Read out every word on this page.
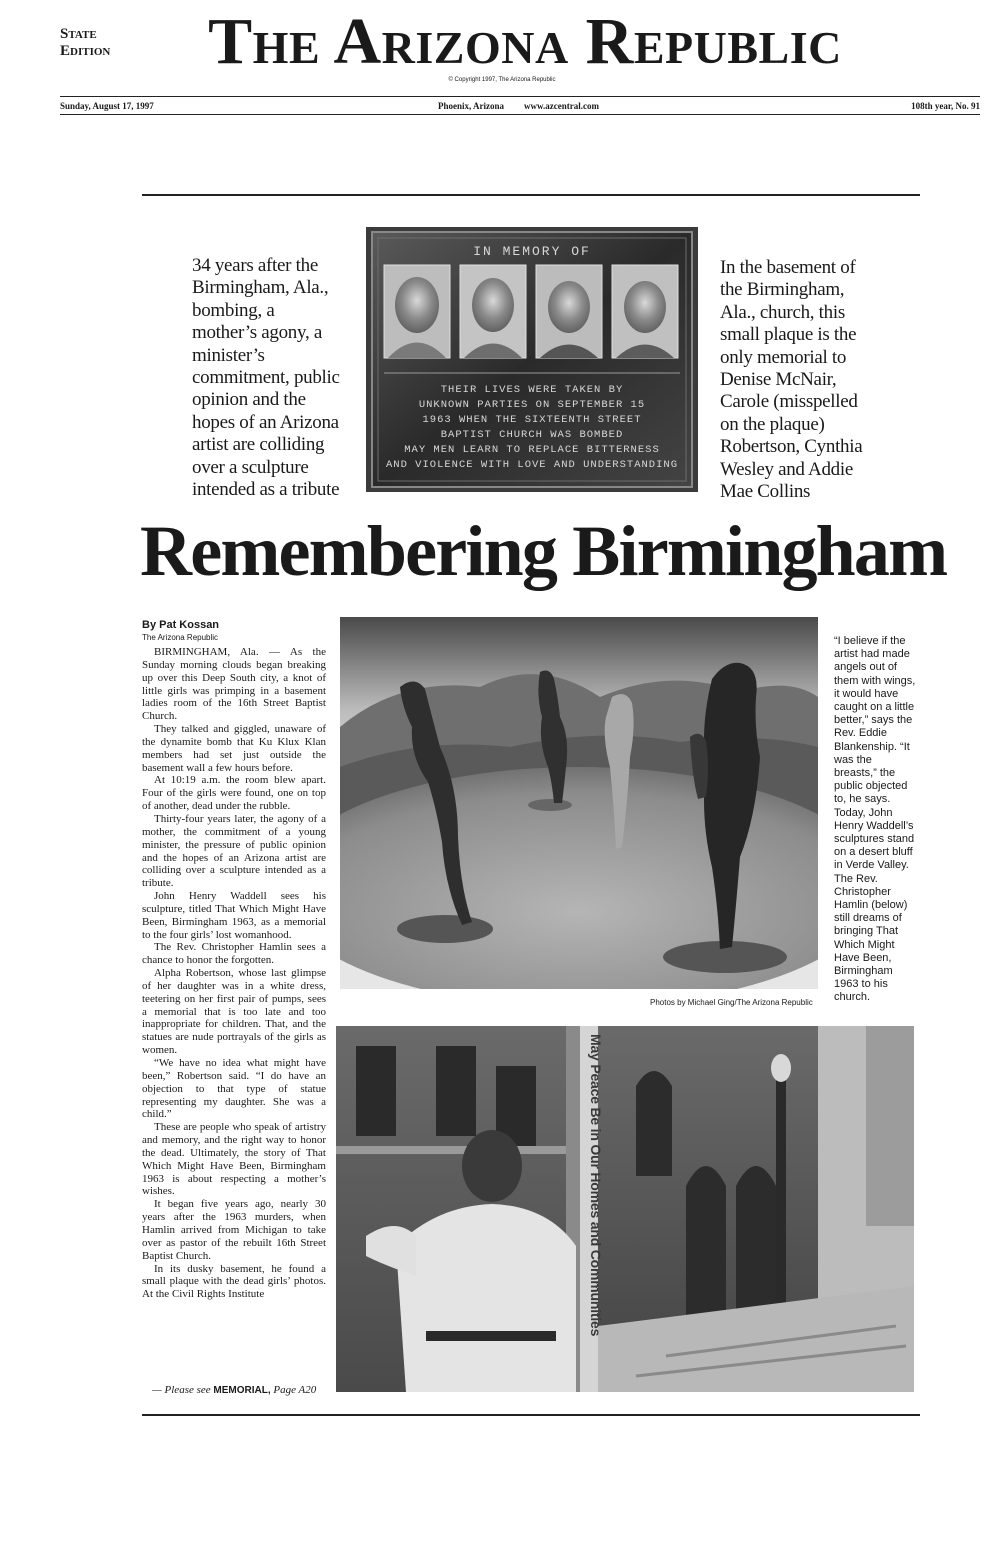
State
Edition	The Arizona Republic
© Copyright 1997, The Arizona Republic
Sunday, August 17, 1997	Phoenix, Arizona www.azcentral.com	108th year, No. 91
34 years after the
Birmingham, Ala.,
bombing, a
mother’s agony, a
minister’s
commitment, public
opinion and the
hopes of an Arizona
artist are colliding
over a sculpture
intended as a tribute
IN MEMORY OF
THEIR LIVES WERE TAKEN BY
UNKNOWN PARTIES ON SEPTEMBER 15
1963 WHEN THE SIXTEENTH STREET
BAPTIST CHURCH WAS BOMBED
MAY MEN LEARN TO REPLACE BITTERNESS
AND VIOLENCE WITH LOVE AND UNDERSTANDING
In the basement of
the Birmingham,
Ala., church, this
small plaque is the
only memorial to
Denise McNair,
Carole (misspelled
on the plaque)
Robertson, Cynthia
Wesley and Addie
Mae Collins
Remembering Birmingham
By Pat Kossan
The Arizona Republic

BIRMINGHAM, Ala. — As the Sunday morning clouds began breaking up over this Deep South city, a knot of little girls was primping in a basement ladies room of the 16th Street Baptist Church.

They talked and giggled, unaware of the dynamite bomb that Ku Klux Klan members had set just outside the basement wall a few hours before.

At 10:19 a.m. the room blew apart. Four of the girls were found, one on top of another, dead under the rubble.

Thirty-four years later, the agony of a mother, the commitment of a young minister, the pressure of public opinion and the hopes of an Arizona artist are colliding over a sculpture intended as a tribute.

John Henry Waddell sees his sculpture, titled That Which Might Have Been, Birmingham 1963, as a memorial to the four girls’ lost womanhood.

The Rev. Christopher Hamlin sees a chance to honor the forgotten.

Alpha Robertson, whose last glimpse of her daughter was in a white dress, teetering on her first pair of pumps, sees a memorial that is too late and too inappropriate for children. That, and the statues are nude portrayals of the girls as women.

“We have no idea what might have been,” Robertson said. “I do have an objection to that type of statue representing my daughter. She was a child.”

These are people who speak of artistry and memory, and the right way to honor the dead. Ultimately, the story of That Which Might Have Been, Birmingham 1963 is about respecting a mother’s wishes.

It began five years ago, nearly 30 years after the 1963 murders, when Hamlin arrived from Michigan to take over as pastor of the rebuilt 16th Street Baptist Church.

In its dusky basement, he found a small plaque with the dead girls’ photos. At the Civil Rights Institute

— Please see MEMORIAL, Page A20
Photos by Michael Ging/The Arizona Republic
“I believe if the
artist had made
angels out of
them with wings,
it would have
caught on a little
better,” says the
Rev. Eddie
Blankenship. “It
was the
breasts,” the
public objected
to, he says.
Today, John
Henry Waddell’s
sculptures stand
on a desert bluff
in Verde Valley.
The Rev.
Christopher
Hamlin (below)
still dreams of
bringing That
Which Might
Have Been,
Birmingham
1963 to his
church.
May Peace Be in Our Homes and Communities
